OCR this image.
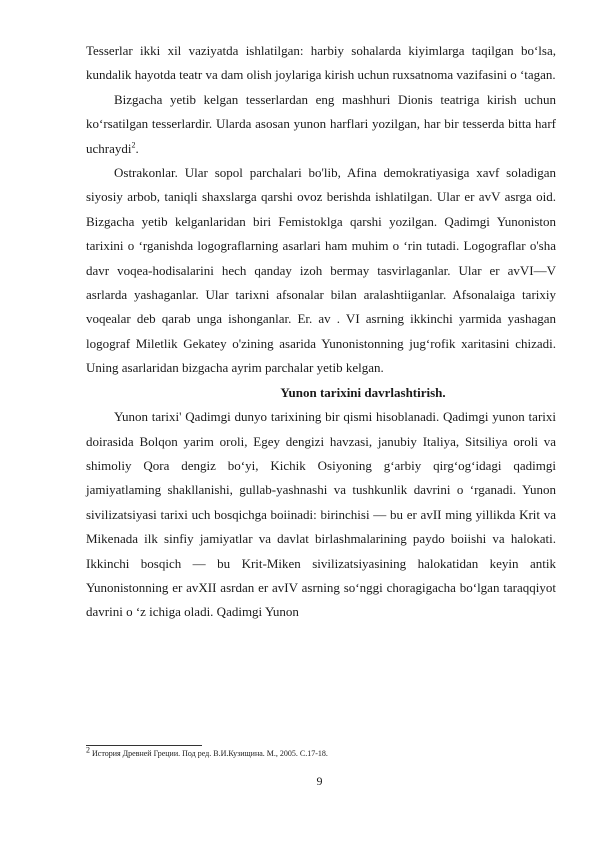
Tesserlar ikki xil vaziyatda ishlatilgan: harbiy sohalarda kiyimlarga taqilgan bo‘lsa, kundalik hayotda teatr va dam olish joylariga kirish uchun ruxsatnoma vazifasini o ‘tagan.

Bizgacha yetib kelgan tesserlardan eng mashhuri Dionis teatriga kirish uchun ko‘rsatilgan tesserlardir. Ularda asosan yunon harflari yozilgan, har bir tesserda bitta harf uchraydi$^2$.

Ostrakonlar. Ular sopol parchalari bo'lib, Afina demokratiyasiga xavf soladigan siyosiy arbob, taniqli shaxslarga qarshi ovoz berishda ishlatilgan. Ular er avV asrga oid. Bizgacha yetib kelganlaridan biri Femistoklga qarshi yozilgan. Qadimgi Yunoniston tarixini o ‘rganishda logograflarning asarlari ham muhim o ‘rin tutadi. Logograflar o'sha davr voqea-hodisalarini hech qanday izoh bermay tasvirlaganlar. Ular er avVI—V asrlarda yashaganlar. Ular tarixni afsonalar bilan aralashtiiganlar. Afsonalaiga tarixiy voqealar deb qarab unga ishonganlar. Er. av . VI asrning ikkinchi yarmida yashagan logograf Miletlik Gekatey o'zining asarida Yunonistonning jug‘rofik xaritasini chizadi. Uning asarlaridan bizgacha ayrim parchalar yetib kelgan.

Yunon tarixini davrlashtirish.

Yunon tarixi' Qadimgi dunyo tarixining bir qismi hisoblanadi. Qadimgi yunon tarixi doirasida Bolqon yarim oroli, Egey dengizi havzasi, janubiy Italiya, Sitsiliya oroli va shimoliy Qora dengiz bo‘yi, Kichik Osiyoning g‘arbiy qirg‘og‘idagi qadimgi jamiyatlaming shakllanishi, gullab-yashnashi va tushkunlik davrini o ‘rganadi. Yunon sivilizatsiyasi tarixi uch bosqichga boiinadi: birinchisi — bu er avII ming yillikda Krit va Mikenada ilk sinfiy jamiyatlar va davlat birlashmalarining paydo boiishi va halokati. Ikkinchi bosqich — bu Krit-Miken sivilizatsiyasining halokatidan keyin antik Yunonistonning er avXII asrdan er avIV asrning so‘nggi choragigacha bo‘lgan taraqqiyot davrini o ‘z ichiga oladi. Qadimgi Yunon

$^2$ История Древней Греции. Под ред. В.И.Кузищина. М., 2005. С.17-18.
9
